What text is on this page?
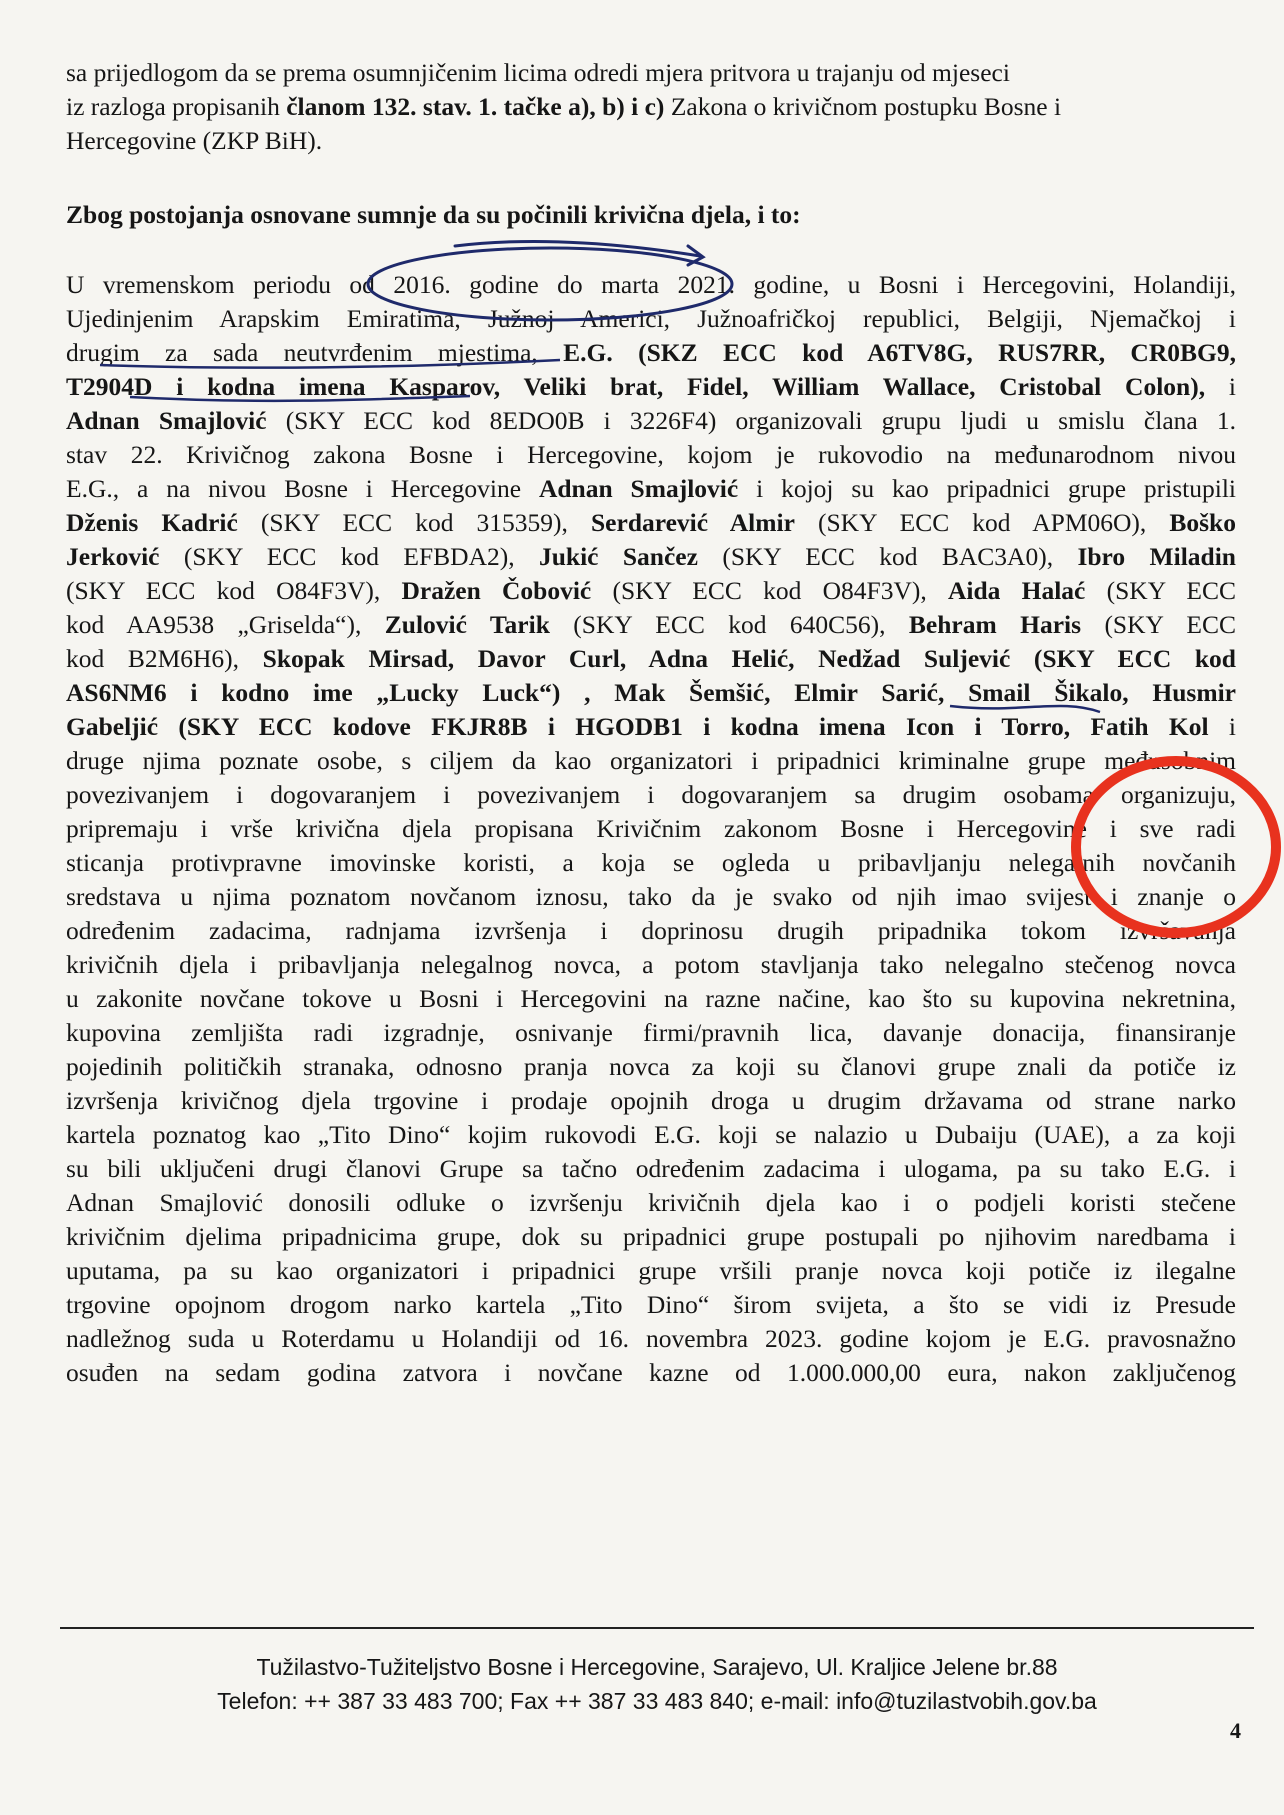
sa prijedlogom da se prema osumnjičenim licima odredi mjera pritvora u trajanju od mjeseci
iz razloga propisanih članom 132. stav. 1. tačke a), b) i c) Zakona o krivičnom postupku Bosne i
Hercegovine (ZKP BiH).
Zbog postojanja osnovane sumnje da su počinili krivična djela, i to:
U vremenskom periodu od 2016. godine do marta 2021. godine, u Bosni i Hercegovini, Holandiji,
Ujedinjenim Arapskim Emiratima, Južnoj Americi, Južnoafričkoj republici, Belgiji, Njemačkoj i
drugim za sada neutvrđenim mjestima, E.G. (SKZ ECC kod A6TV8G, RUS7RR, CR0BG9,
T2904D i kodna imena Kasparov, Veliki brat, Fidel, William Wallace, Cristobal Colon), i
Adnan Smajlović (SKY ECC kod 8EDO0B i 3226F4) organizovali grupu ljudi u smislu člana 1.
stav 22. Krivičnog zakona Bosne i Hercegovine, kojom je rukovodio na međunarodnom nivou
E.G., a na nivou Bosne i Hercegovine Adnan Smajlović i kojoj su kao pripadnici grupe pristupili
Dženis Kadrić (SKY ECC kod 315359), Serdarević Almir (SKY ECC kod APM06O), Boško
Jerković (SKY ECC kod EFBDA2), Jukić Sančez (SKY ECC kod BAC3A0), Ibro Miladin
(SKY ECC kod O84F3V), Dražen Čobović (SKY ECC kod O84F3V), Aida Halać (SKY ECC
kod AA9538 „Griselda“), Zulović Tarik (SKY ECC kod 640C56), Behram Haris (SKY ECC
kod B2M6H6), Skopak Mirsad, Davor Curl, Adna Helić, Nedžad Suljević (SKY ECC kod
AS6NM6 i kodno ime „Lucky Luck“) , Mak Šemšić, Elmir Sarić, Smail Šikalo, Husmir
Gabeljić (SKY ECC kodove FKJR8B i HGODB1 i kodna imena Icon i Torro, Fatih Kol i
druge njima poznate osobe, s ciljem da kao organizatori i pripadnici kriminalne grupe međusobnim
povezivanjem i dogovaranjem i povezivanjem i dogovaranjem sa drugim osobama organizuju,
pripremaju i vrše krivična djela propisana Krivičnim zakonom Bosne i Hercegovine i sve radi
sticanja protivpravne imovinske koristi, a koja se ogleda u pribavljanju nelegalnih novčanih
sredstava u njima poznatom novčanom iznosu, tako da je svako od njih imao svijest i znanje o
određenim zadacima, radnjama izvršenja i doprinosu drugih pripadnika tokom izvršavanja
krivičnih djela i pribavljanja nelegalnog novca, a potom stavljanja tako nelegalno stečenog novca
u zakonite novčane tokove u Bosni i Hercegovini na razne načine, kao što su kupovina nekretnina,
kupovina zemljišta radi izgradnje, osnivanje firmi/pravnih lica, davanje donacija, finansiranje
pojedinih političkih stranaka, odnosno pranja novca za koji su članovi grupe znali da potiče iz
izvršenja krivičnog djela trgovine i prodaje opojnih droga u drugim državama od strane narko
kartela poznatog kao „Tito Dino“ kojim rukovodi E.G. koji se nalazio u Dubaiju (UAE), a za koji
su bili uključeni drugi članovi Grupe sa tačno određenim zadacima i ulogama, pa su tako E.G. i
Adnan Smajlović donosili odluke o izvršenju krivičnih djela kao i o podjeli koristi stečene
krivičnim djelima pripadnicima grupe, dok su pripadnici grupe postupali po njihovim naredbama i
uputama, pa su kao organizatori i pripadnici grupe vršili pranje novca koji potiče iz ilegalne
trgovine opojnom drogom narko kartela „Tito Dino“ širom svijeta, a što se vidi iz Presude
nadležnog suda u Roterdamu u Holandiji od 16. novembra 2023. godine kojom je E.G. pravosnažno
osuđen na sedam godina zatvora i novčane kazne od 1.000.000,00 eura, nakon zaključenog
Tužilastvo-Tužiteljstvo Bosne i Hercegovine, Sarajevo, Ul. Kraljice Jelene br.88
Telefon: ++ 387 33 483 700; Fax ++ 387 33 483 840; e-mail: info@tuzilastvobih.gov.ba
4
